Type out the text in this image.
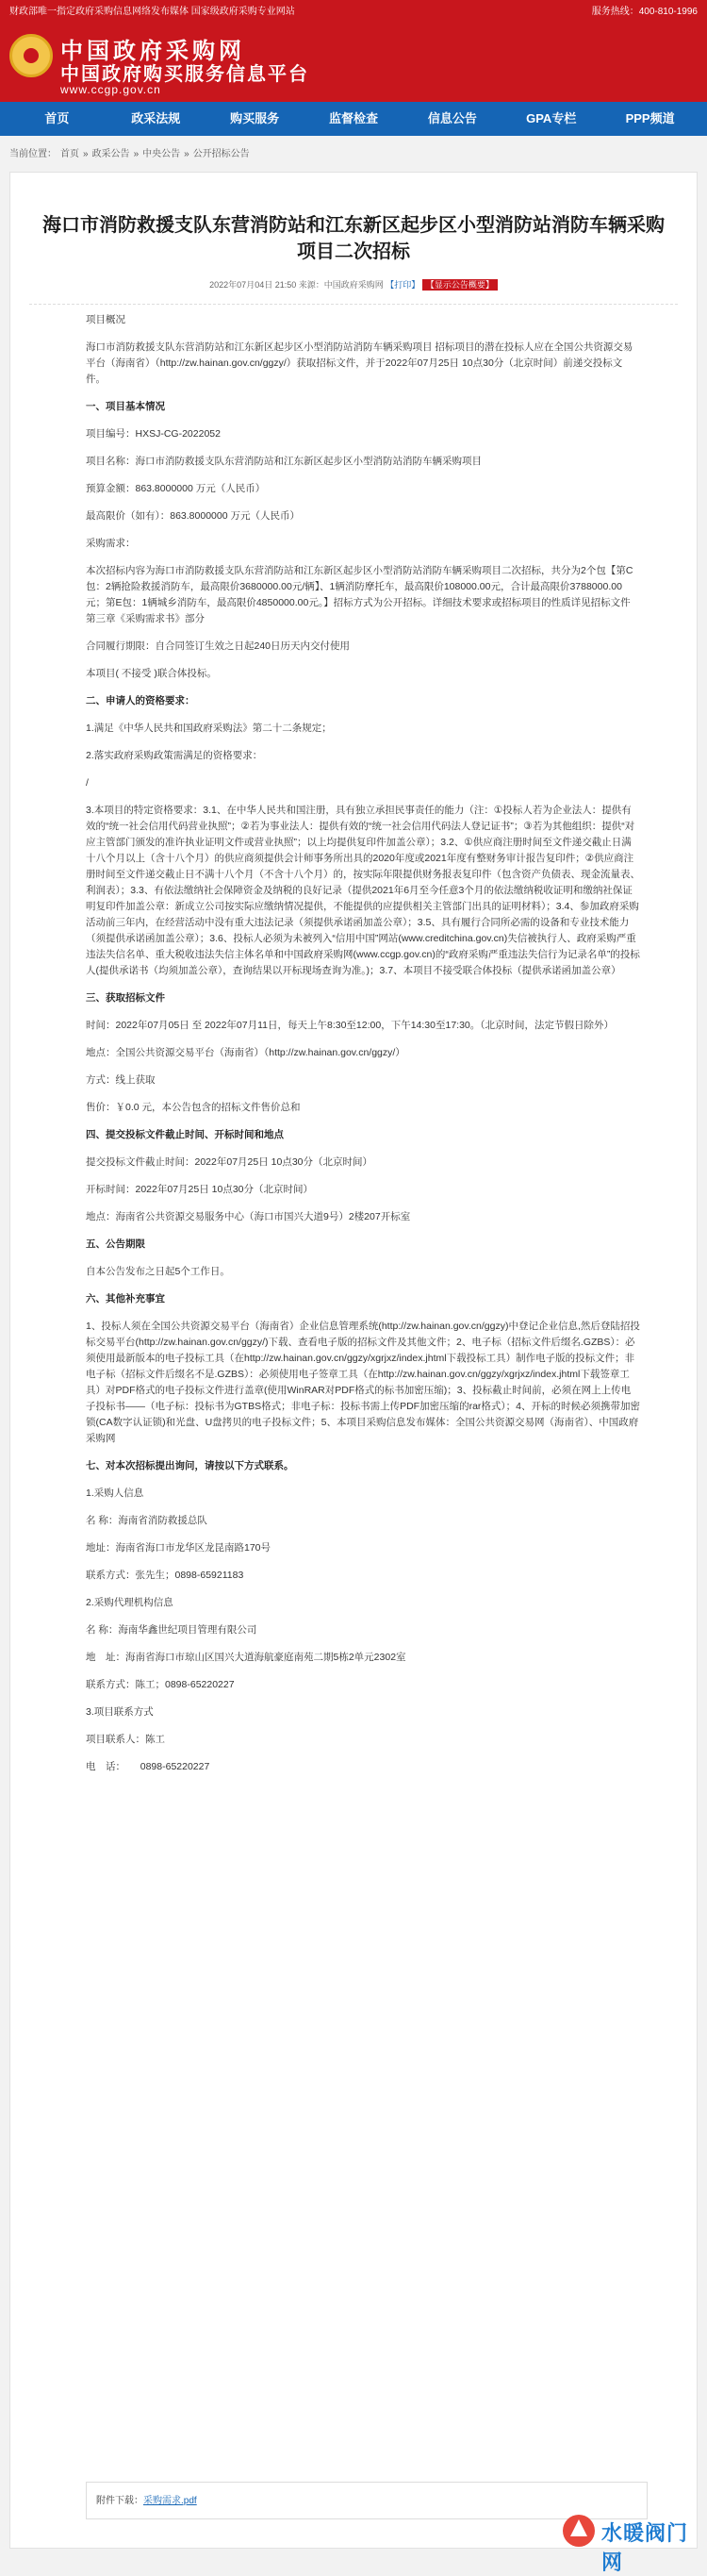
财政部唯一指定政府采购信息网络发布媒体 国家级政府采购专业网站	服务热线：400-810-1996
中国政府采购网
中国政府购买服务信息平台
www.ccgp.gov.cn
首页	政采法规	购买服务	监督检查	信息公告	GPA专栏	PPP频道
当前位置： 首页 » 政采公告 » 中央公告 » 公开招标公告
海口市消防救援支队东营消防站和江东新区起步区小型消防站消防车辆采购项目二次招标
2022年07月04日 21:50 来源：中国政府采购网 【打印】 【显示公告概要】

项目概况

海口市消防救援支队东营消防站和江东新区起步区小型消防站消防车辆采购项目 招标项目的潜在投标人应在全国公共资源交易平台（海南省）（http://zw.hainan.gov.cn/ggzy/）获取招标文件，并于2022年07月25日 10点30分（北京时间）前递交投标文件。

一、项目基本情况

项目编号：HXSJ-CG-2022052

项目名称：海口市消防救援支队东营消防站和江东新区起步区小型消防站消防车辆采购项目

预算金额：863.8000000 万元（人民币）

最高限价（如有）：863.8000000 万元（人民币）

采购需求：

本次招标内容为海口市消防救援支队东营消防站和江东新区起步区小型消防站消防车辆采购项目二次招标，共分为2个包【第C包：2辆抢险救援消防车，最高限价3680000.00元/辆】、1辆消防摩托车，最高限价108000.00元，合计最高限价3788000.00元；第E包：1辆城乡消防车，最高限价4850000.00元。】招标方式为公开招标。详细技术要求或招标项目的性质详见招标文件第三章《采购需求书》部分

合同履行期限：自合同签订生效之日起240日历天内交付使用

本项目( 不接受 )联合体投标。

二、申请人的资格要求：

1.满足《中华人民共和国政府采购法》第二十二条规定；

2.落实政府采购政策需满足的资格要求：

/

3.本项目的特定资格要求：3.1、在中华人民共和国注册，具有独立承担民事责任的能力（注：①投标人若为企业法人：提供有效的“统一社会信用代码营业执照”；②若为事业法人：提供有效的“统一社会信用代码法人登记证书”；③若为其他组织：提供“对应主管部门颁发的准许执业证明文件或营业执照”；以上均提供复印件加盖公章）；3.2、①供应商注册时间至文件递交截止日满十八个月以上（含十八个月）的供应商须提供会计师事务所出具的2020年度或2021年度有整财务审计报告复印件；②供应商注册时间至文件递交截止日不满十八个月（不含十八个月）的，按实际年限提供财务报表复印件（包含资产负债表、现金流量表、利润表）；3.3、有依法缴纳社会保障资金及纳税的良好记录（提供2021年6月至今任意3个月的依法缴纳税收证明和缴纳社保证明复印件加盖公章：新成立公司按实际应缴纳情况提供，不能提供的应提供相关主管部门出具的证明材料）；3.4、参加政府采购活动前三年内，在经营活动中没有重大违法记录（须提供承诺函加盖公章）；3.5、具有履行合同所必需的设备和专业技术能力（须提供承诺函加盖公章）；3.6、投标人必须为未被列入“信用中国”网站(www.creditchina.gov.cn)失信被执行人、政府采购严重违法失信名单、重大税收违法失信主体名单和中国政府采购网(www.ccgp.gov.cn)的“政府采购严重违法失信行为记录名单”的投标人(提供承诺书（均须加盖公章），查询结果以开标现场查询为准。)；3.7、本项目不接受联合体投标（提供承诺函加盖公章）

三、获取招标文件

时间：2022年07月05日 至 2022年07月11日，每天上午8:30至12:00，下午14:30至17:30。（北京时间，法定节假日除外）

地点：全国公共资源交易平台（海南省）（http://zw.hainan.gov.cn/ggzy/）

方式：线上获取

售价：￥0.0 元，本公告包含的招标文件售价总和

四、提交投标文件截止时间、开标时间和地点

提交投标文件截止时间：2022年07月25日 10点30分（北京时间）

开标时间：2022年07月25日 10点30分（北京时间）

地点：海南省公共资源交易服务中心（海口市国兴大道9号）2楼207开标室

五、公告期限

自本公告发布之日起5个工作日。

六、其他补充事宜

1、投标人须在全国公共资源交易平台（海南省）企业信息管理系统(http://zw.hainan.gov.cn/ggzy)中登记企业信息,然后登陆招投标交易平台(http://zw.hainan.gov.cn/ggzy/)下载、查看电子版的招标文件及其他文件；2、电子标（招标文件后缀名.GZBS）：必须使用最新版本的电子投标工具（在http://zw.hainan.gov.cn/ggzy/xgrjxz/index.jhtml下载投标工具）制作电子版的投标文件；非电子标（招标文件后缀名不是.GZBS）：必须使用电子签章工具（在http://zw.hainan.gov.cn/ggzy/xgrjxz/index.jhtml下载签章工具）对PDF格式的电子投标文件进行盖章(使用WinRAR对PDF格式的标书加密压缩)；3、投标截止时间前，必须在网上上传电子投标书——（电子标：投标书为GTBS格式；非电子标：投标书需上传PDF加密压缩的rar格式）；4、开标的时候必须携带加密锁(CA数字认证锁)和光盘、U盘拷贝的电子投标文件；5、本项目采购信息发布媒体：全国公共资源交易网（海南省）、中国政府采购网

七、对本次招标提出询问，请按以下方式联系。

1.采购人信息

名 称：海南省消防救援总队

地址：海南省海口市龙华区龙昆南路170号

联系方式：张先生；0898-65921183

2.采购代理机构信息

名 称：海南华鑫世纪项目管理有限公司

地　址：海南省海口市琼山区国兴大道海航豪庭南苑二期5栋2单元2302室

联系方式：陈工；0898-65220227

3.项目联系方式

项目联系人：陈工

电　话：　　0898-65220227

附件下载：采购需求.pdf
水暖阀门网
